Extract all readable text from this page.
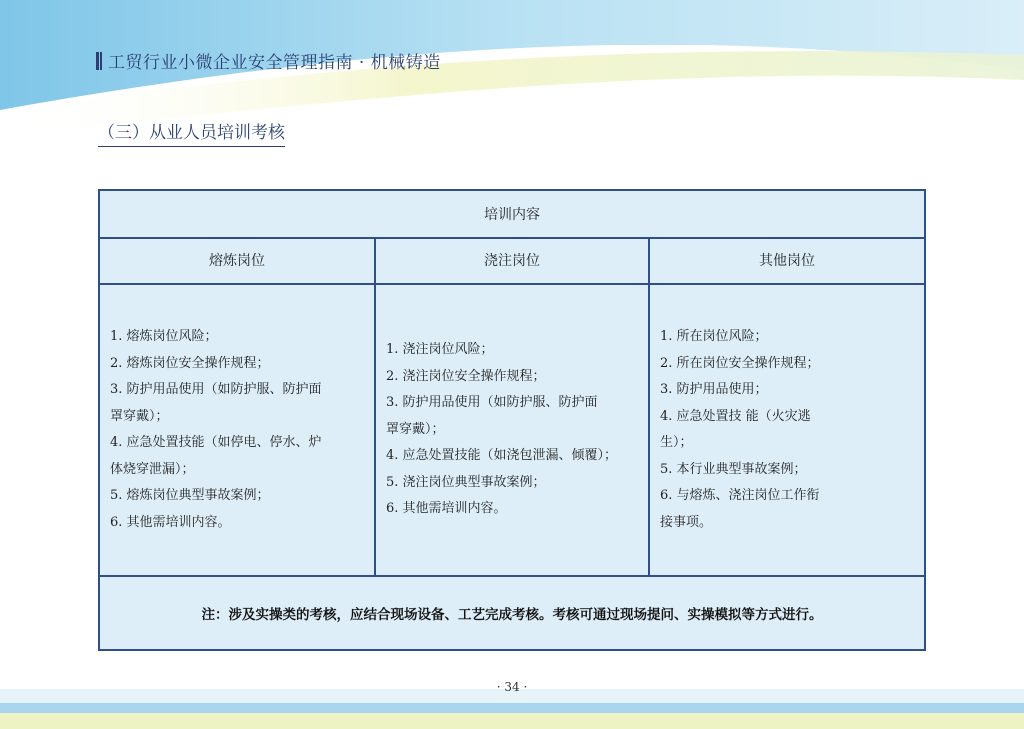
工贸行业小微企业安全管理指南 · 机械铸造
（三）从业人员培训考核
培训内容
熔炼岗位	浇注岗位	其他岗位
1. 熔炼岗位风险；
2. 熔炼岗位安全操作规程；
3. 防护用品使用（如防护服、防护面
罩穿戴）；
4. 应急处置技能（如停电、停水、炉
体烧穿泄漏）；
5. 熔炼岗位典型事故案例；
6. 其他需培训内容。
1. 浇注岗位风险；
2. 浇注岗位安全操作规程；
3. 防护用品使用（如防护服、防护面
罩穿戴）；
4. 应急处置技能（如浇包泄漏、倾覆）；
5. 浇注岗位典型事故案例；
6. 其他需培训内容。
1. 所在岗位风险；
2. 所在岗位安全操作规程；
3. 防护用品使用；
4. 应急处置技 能（火灾逃
生）；
5. 本行业典型事故案例；
6. 与熔炼、浇注岗位工作衔
接事项。
注：涉及实操类的考核，应结合现场设备、工艺完成考核。考核可通过现场提问、实操模拟等方式进行。
· 34 ·
